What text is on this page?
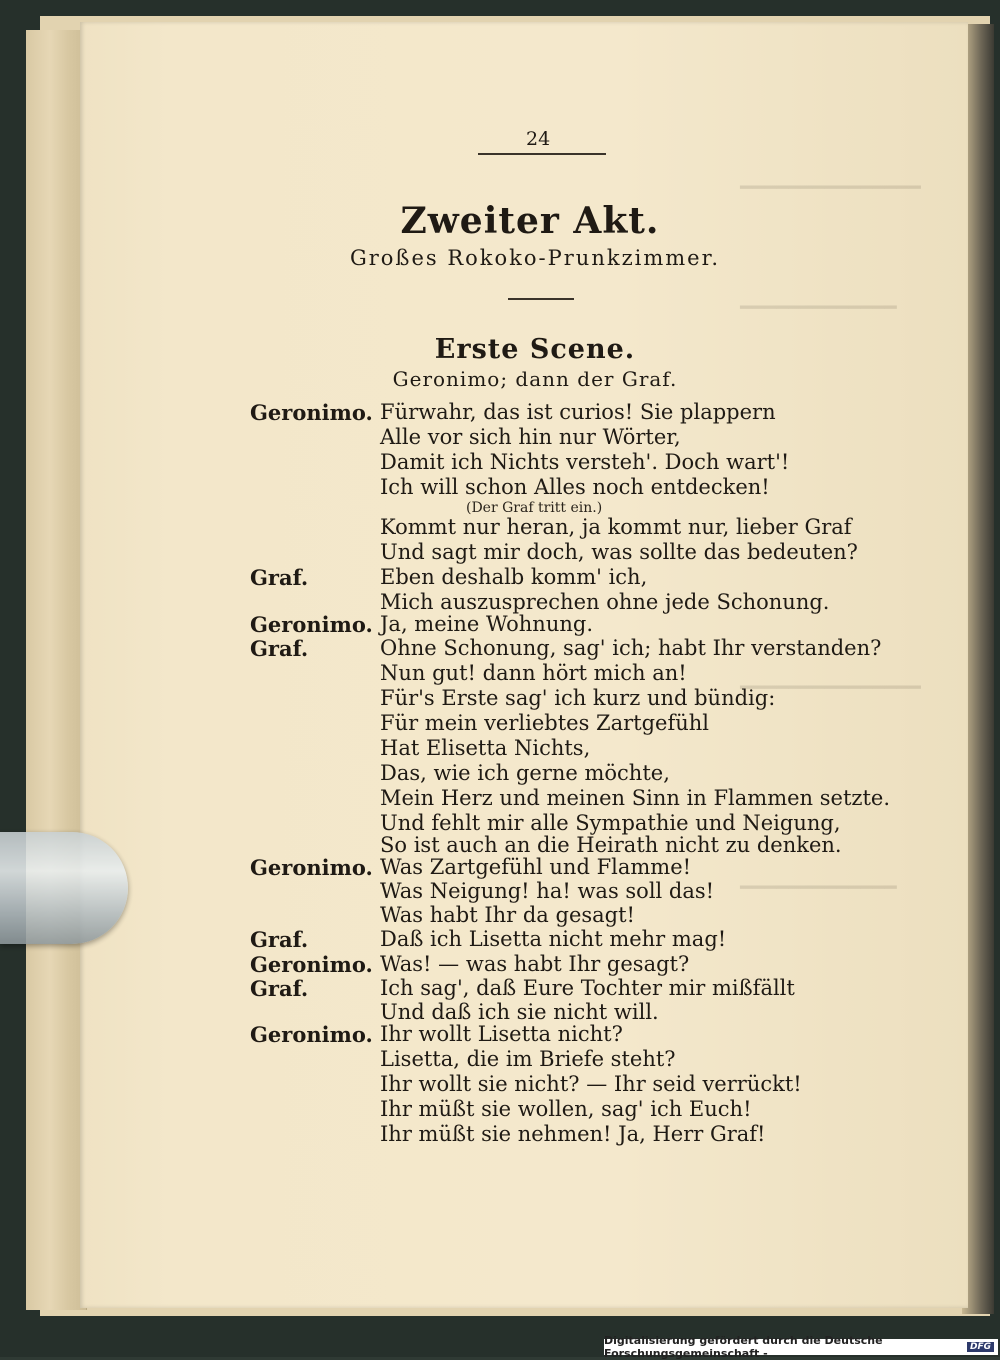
━━━━━━━━━━━━━━━
━━━━━━━━━━━━━
━━━━━━━━━━━━━━━
━━━━━━━━━━━━━
24
Zweiter Akt.
Großes Rokoko-Prunkzimmer.
Erste Scene.
Geronimo; dann der Graf.
Geronimo. Fürwahr, das ist curios! Sie plappern
Alle vor sich hin nur Wörter,
Damit ich Nichts versteh'. Doch wart'!
Ich will schon Alles noch entdecken!
(Der Graf tritt ein.)
Kommt nur heran, ja kommt nur, lieber Graf
Und sagt mir doch, was sollte das bedeuten?
Graf.	Eben deshalb komm' ich,
Mich auszusprechen ohne jede Schonung.
Geronimo. Ja, meine Wohnung.
Graf.	Ohne Schonung, sag' ich; habt Ihr verstanden?
Nun gut! dann hört mich an!
Für's Erste sag' ich kurz und bündig:
Für mein verliebtes Zartgefühl
Hat Elisetta Nichts,
Das, wie ich gerne möchte,
Mein Herz und meinen Sinn in Flammen setzte.
Und fehlt mir alle Sympathie und Neigung,
So ist auch an die Heirath nicht zu denken.
Geronimo. Was Zartgefühl und Flamme!
Was Neigung! ha! was soll das!
Was habt Ihr da gesagt!
Graf.	Daß ich Lisetta nicht mehr mag!
Geronimo. Was! — was habt Ihr gesagt?
Graf.	Ich sag', daß Eure Tochter mir mißfällt
Und daß ich sie nicht will.
Geronimo. Ihr wollt Lisetta nicht?
Lisetta, die im Briefe steht?
Ihr wollt sie nicht? — Ihr seid verrückt!
Ihr müßt sie wollen, sag' ich Euch!
Ihr müßt sie nehmen! Ja, Herr Graf!
Digitalisierung gefördert durch die Deutsche Forschungsgemeinschaft -	DFG
